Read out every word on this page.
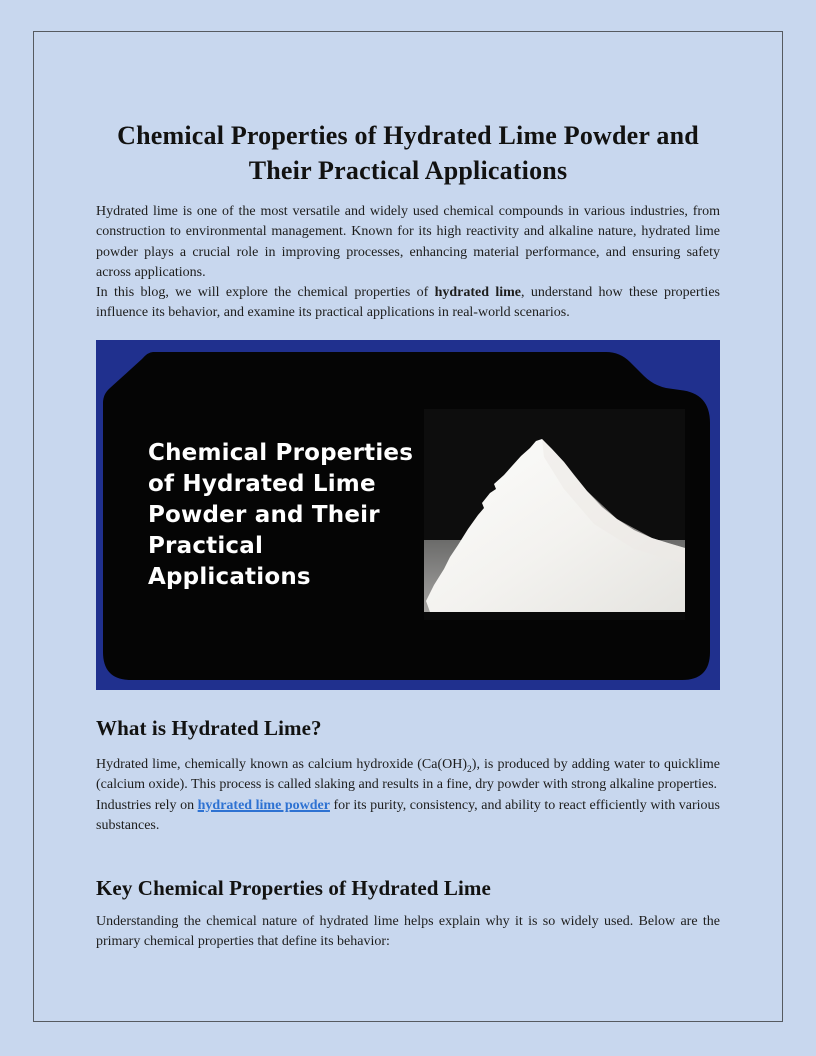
Chemical Properties of Hydrated Lime Powder and
Their Practical Applications

Hydrated lime is one of the most versatile and widely used chemical compounds in various industries, from construction to environmental management. Known for its high reactivity and alkaline nature, hydrated lime powder plays a crucial role in improving processes, enhancing material performance, and ensuring safety across applications.

In this blog, we will explore the chemical properties of hydrated lime, understand how these properties influence its behavior, and examine its practical applications in real-world scenarios.

Chemical Properties
of Hydrated Lime
Powder and Their
Practical
Applications
What is Hydrated Lime?

Hydrated lime, chemically known as calcium hydroxide $(Ca(OH)_2)$, is produced by adding water to quicklime (calcium oxide). This process is called slaking and results in a fine, dry powder with strong alkaline properties.

Industries rely on hydrated lime powder for its purity, consistency, and ability to react efficiently with various substances.

Key Chemical Properties of Hydrated Lime

Understanding the chemical nature of hydrated lime helps explain why it is so widely used. Below are the primary chemical properties that define its behavior:
